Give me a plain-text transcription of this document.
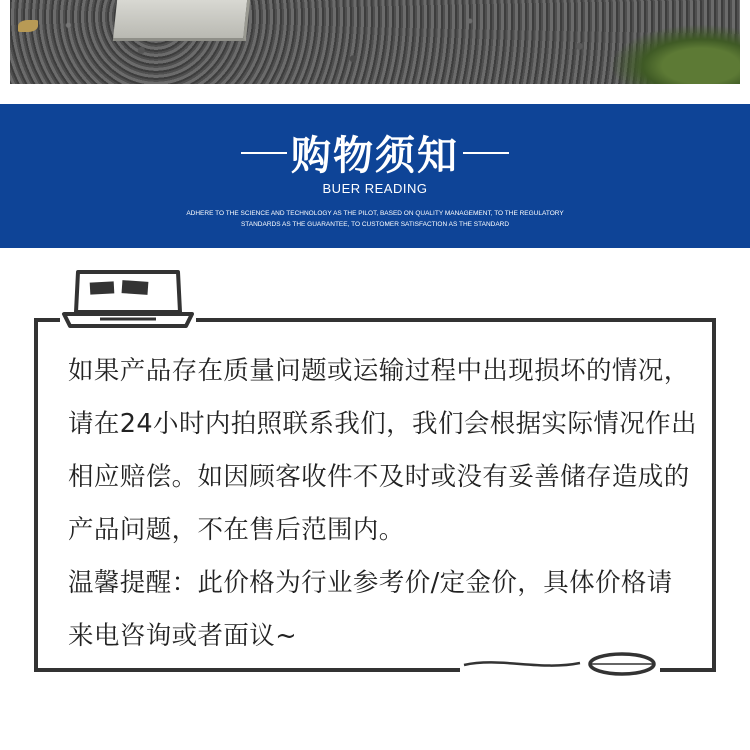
购物须知
BUER READING
ADHERE TO THE SCIENCE AND TECHNOLOGY AS THE PILOT, BASED ON QUALITY MANAGEMENT, TO THE REGULATORY
STANDARDS AS THE GUARANTEE, TO CUSTOMER SATISFACTION AS THE STANDARD

如果产品存在质量问题或运输过程中出现损坏的情况，请在24小时内拍照联系我们，我们会根据实际情况作出相应赔偿。如因顾客收件不及时或没有妥善储存造成的产品问题，不在售后范围内。

温馨提醒：此价格为行业参考价/定金价，具体价格请来电咨询或者面议~
